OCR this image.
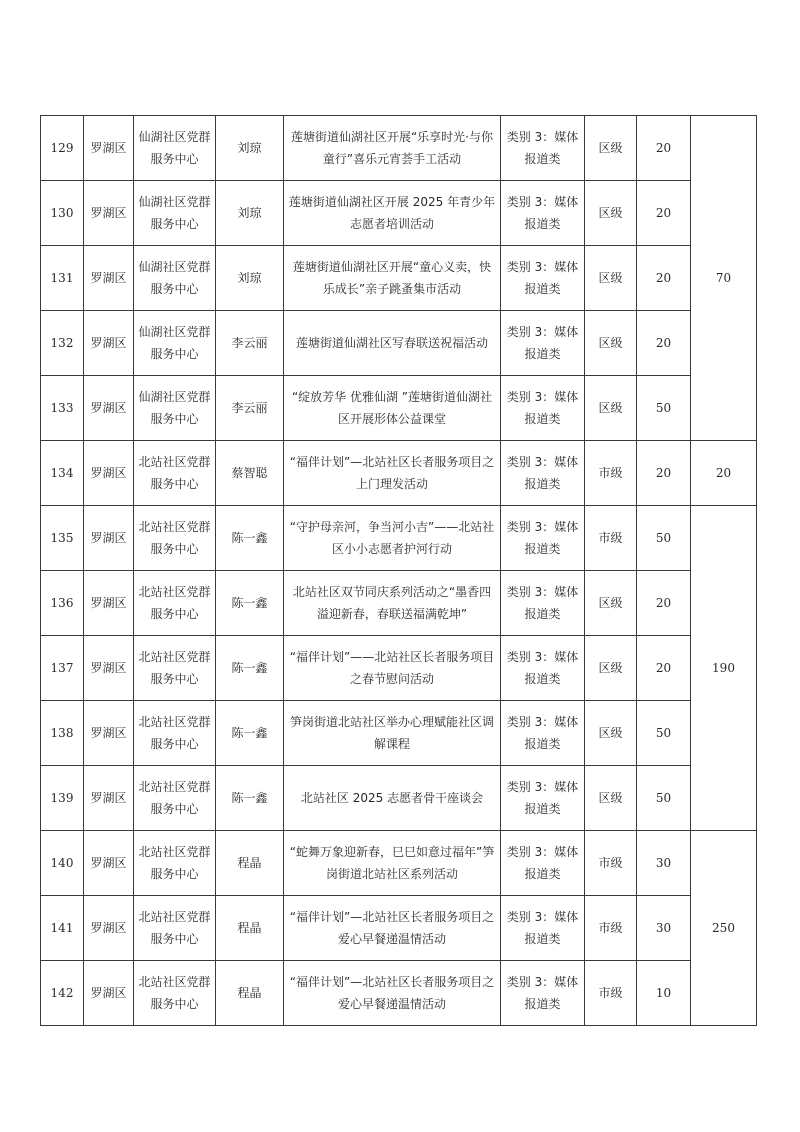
129	罗湖区	仙湖社区党群服务中心	刘琼	莲塘街道仙湖社区开展“乐享时光·与你童行”喜乐元宵荟手工活动	类别 3：媒体报道类	区级	20	70
130	罗湖区	仙湖社区党群服务中心	刘琼	莲塘街道仙湖社区开展 2025 年青少年志愿者培训活动	类别 3：媒体报道类	区级	20	
131	罗湖区	仙湖社区党群服务中心	刘琼	莲塘街道仙湖社区开展“童心义卖，快乐成长”亲子跳蚤集市活动	类别 3：媒体报道类	区级	20	
132	罗湖区	仙湖社区党群服务中心	李云丽	莲塘街道仙湖社区写春联送祝福活动	类别 3：媒体报道类	区级	20	
133	罗湖区	仙湖社区党群服务中心	李云丽	“绽放芳华 优雅仙湖 ”莲塘街道仙湖社区开展形体公益课堂	类别 3：媒体报道类	区级	50	
134	罗湖区	北站社区党群服务中心	蔡智聪	“福伴计划”—北站社区长者服务项目之上门理发活动	类别 3：媒体报道类	市级	20	20
135	罗湖区	北站社区党群服务中心	陈一鑫	“守护母亲河，争当河小吉”——北站社区小小志愿者护河行动	类别 3：媒体报道类	市级	50	190
136	罗湖区	北站社区党群服务中心	陈一鑫	北站社区双节同庆系列活动之“墨香四溢迎新春，春联送福满乾坤”	类别 3：媒体报道类	区级	20	
137	罗湖区	北站社区党群服务中心	陈一鑫	“福伴计划”——北站社区长者服务项目之春节慰问活动	类别 3：媒体报道类	区级	20	
138	罗湖区	北站社区党群服务中心	陈一鑫	笋岗街道北站社区举办心理赋能社区调解课程	类别 3：媒体报道类	区级	50	
139	罗湖区	北站社区党群服务中心	陈一鑫	北站社区 2025 志愿者骨干座谈会	类别 3：媒体报道类	区级	50	
140	罗湖区	北站社区党群服务中心	程晶	“蛇舞万象迎新春，巳巳如意过福年”笋岗街道北站社区系列活动	类别 3：媒体报道类	市级	30	250
141	罗湖区	北站社区党群服务中心	程晶	“福伴计划”—北站社区长者服务项目之爱心早餐递温情活动	类别 3：媒体报道类	市级	30	
142	罗湖区	北站社区党群服务中心	程晶	“福伴计划”—北站社区长者服务项目之爱心早餐递温情活动	类别 3：媒体报道类	市级	10	
